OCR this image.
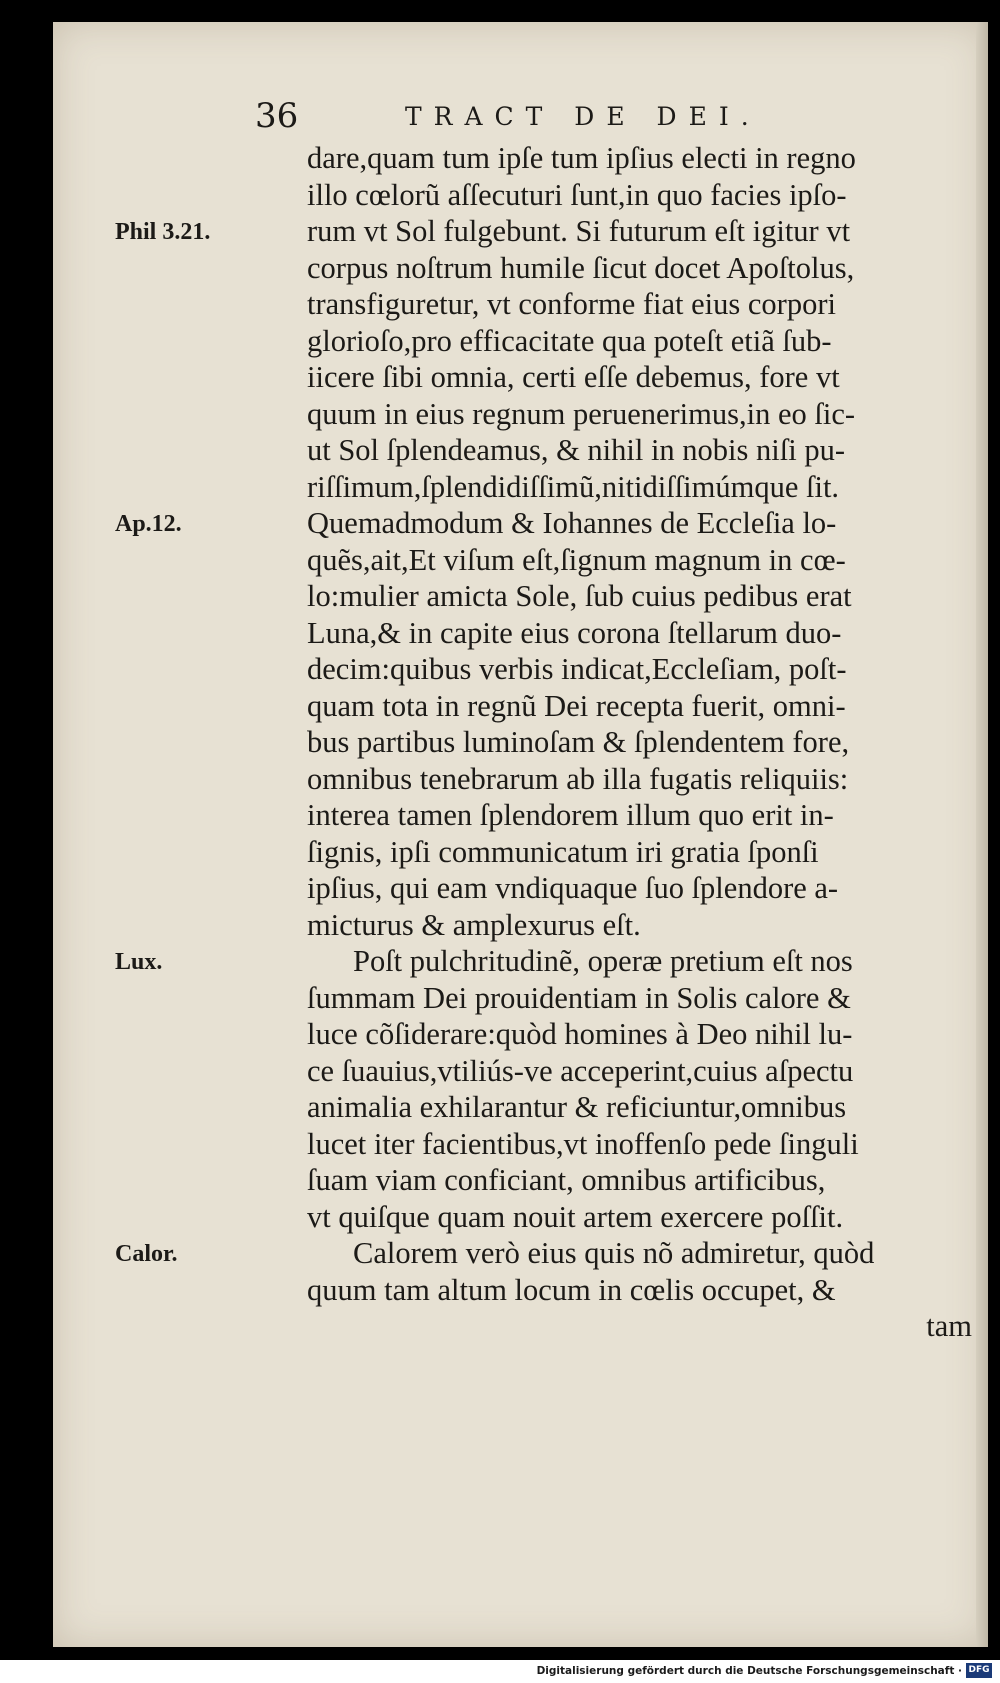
36	TRACT DE DEI.
dare,quam tum ipſe tum ipſius electi in regno
illo cœlorũ aſſecuturi ſunt,in quo facies ipſo-
rum vt Sol fulgebunt. Si futurum eſt igitur vt
corpus noſtrum humile ſicut docet Apoſtolus,
transfiguretur, vt conforme fiat eius corpori
glorioſo,pro efficacitate qua poteſt etiã ſub-
iicere ſibi omnia, certi eſſe debemus, fore vt
quum in eius regnum peruenerimus,in eo ſic-
ut Sol ſplendeamus, & nihil in nobis niſi pu-
riſſimum,ſplendidiſſimũ,nitidiſſimúmque ſit.
Quemadmodum & Iohannes de Eccleſia lo-
quẽs,ait,Et viſum eſt,ſignum magnum in cœ-
lo:mulier amicta Sole, ſub cuius pedibus erat
Luna,& in capite eius corona ſtellarum duo-
decim:quibus verbis indicat,Eccleſiam, poſt-
quam tota in regnũ Dei recepta fuerit, omni-
bus partibus luminoſam & ſplendentem fore,
omnibus tenebrarum ab illa fugatis reliquiis:
interea tamen ſplendorem illum quo erit in-
ſignis, ipſi communicatum iri gratia ſponſi
ipſius, qui eam vndiquaque ſuo ſplendore a-
micturus & amplexurus eſt.
Poſt pulchritudinẽ, operæ pretium eſt nos
ſummam Dei prouidentiam in Solis calore &
luce cõſiderare:quòd homines à Deo nihil lu-
ce ſuauius,vtiliús-ve acceperint,cuius aſpectu
animalia exhilarantur & reficiuntur,omnibus
lucet iter facientibus,vt inoffenſo pede ſinguli
ſuam viam conficiant, omnibus artificibus,
vt quiſque quam nouit artem exercere poſſit.
Calorem verò eius quis nõ admiretur, quòd
quum tam altum locum in cœlis occupet, &
tam
Phil 3.21.
Ap.12.
Lux.
Calor.
Digitalisierung gefördert durch die Deutsche Forschungsgemeinschaft · DFG
